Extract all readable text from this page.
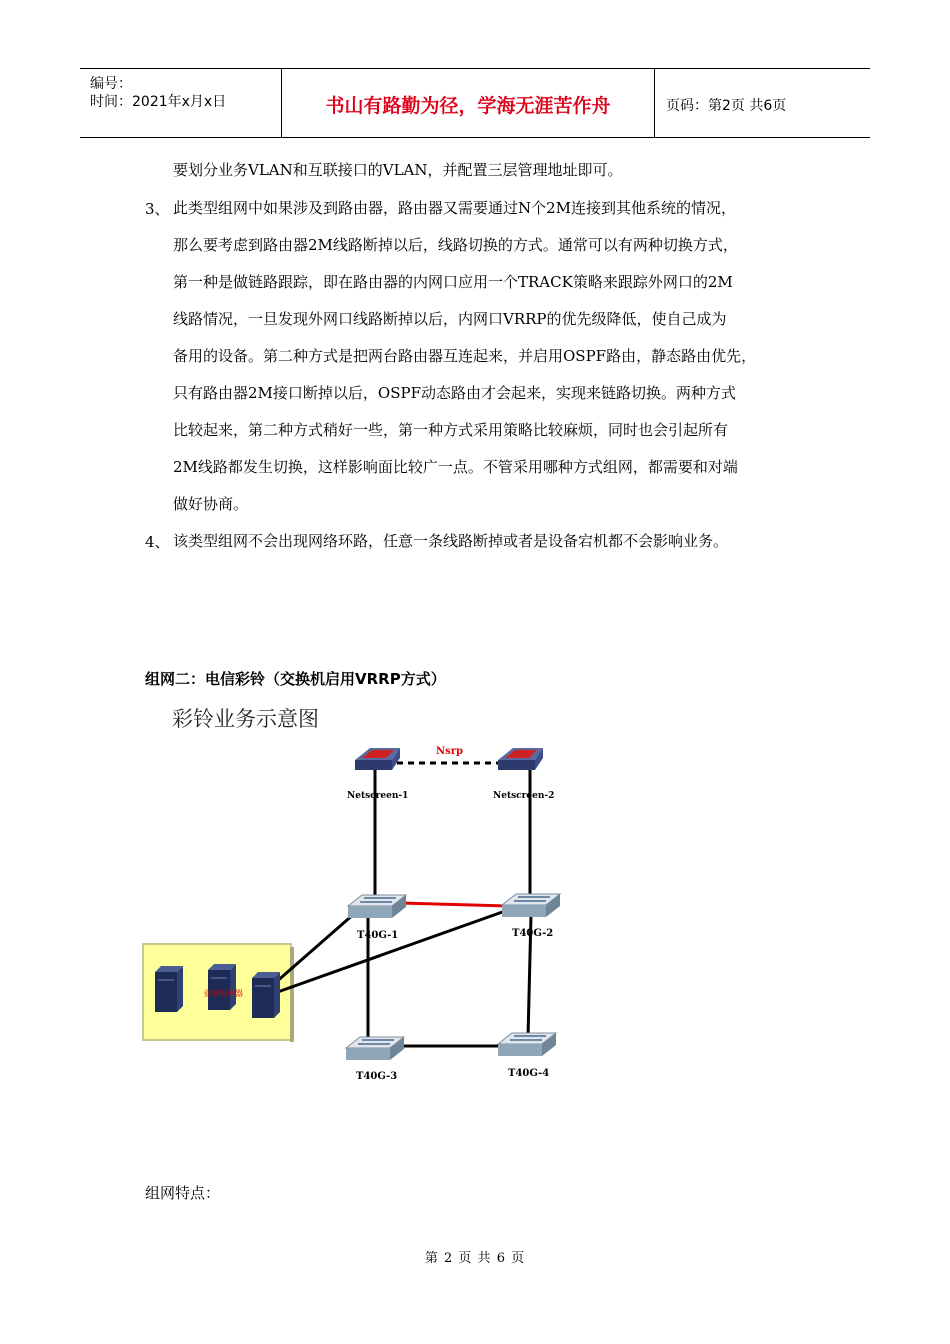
编号：
时间：2021年x月x日	书山有路勤为径，学海无涯苦作舟	页码：第2页 共6页
要划分业务VLAN和互联接口的VLAN，并配置三层管理地址即可。
3、 此类型组网中如果涉及到路由器，路由器又需要通过N个2M连接到其他系统的情况，
那么要考虑到路由器2M线路断掉以后，线路切换的方式。通常可以有两种切换方式，
第一种是做链路跟踪，即在路由器的内网口应用一个TRACK策略来跟踪外网口的2M
线路情况，一旦发现外网口线路断掉以后，内网口VRRP的优先级降低，使自己成为
备用的设备。第二种方式是把两台路由器互连起来，并启用OSPF路由，静态路由优先，
只有路由器2M接口断掉以后，OSPF动态路由才会起来，实现来链路切换。两种方式
比较起来，第二种方式稍好一些，第一种方式采用策略比较麻烦，同时也会引起所有
2M线路都发生切换，这样影响面比较广一点。不管采用哪种方式组网，都需要和对端
做好协商。
4、 该类型组网不会出现网络环路，任意一条线路断掉或者是设备宕机都不会影响业务。
组网二：电信彩铃（交换机启用VRRP方式）
彩铃业务示意图
Nsrp
Netscreen-1	Netscreen-2
T40G-1	T40G-2
T40G-3	T40G-4
业务服务器
组网特点：
第 2 页 共 6 页
